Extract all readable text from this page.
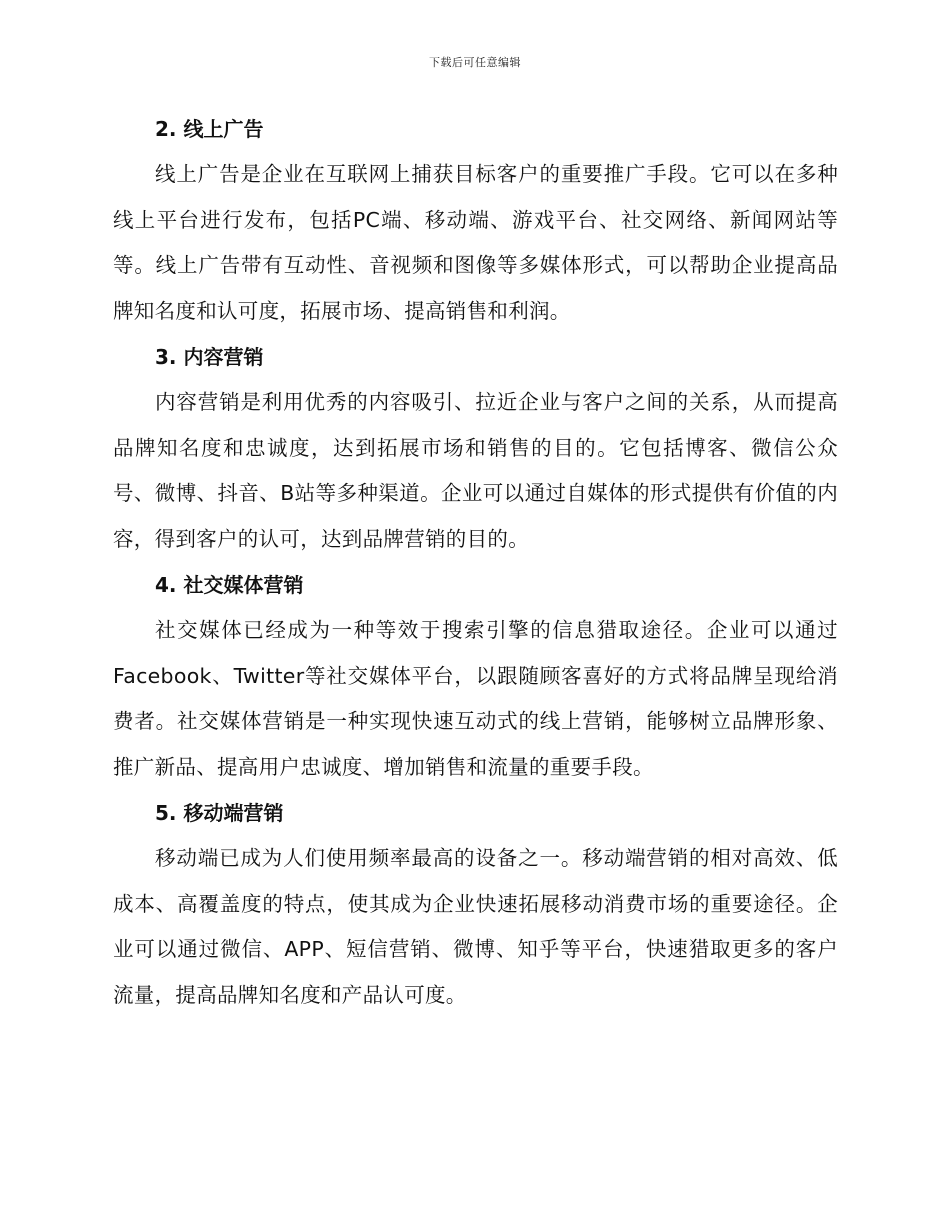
下载后可任意编辑
2. 线上广告

线上广告是企业在互联网上捕获目标客户的重要推广手段。它可以在多种线上平台进行发布，包括PC端、移动端、游戏平台、社交网络、新闻网站等等。线上广告带有互动性、音视频和图像等多媒体形式，可以帮助企业提高品牌知名度和认可度，拓展市场、提高销售和利润。

3. 内容营销

内容营销是利用优秀的内容吸引、拉近企业与客户之间的关系，从而提高品牌知名度和忠诚度，达到拓展市场和销售的目的。它包括博客、微信公众号、微博、抖音、B站等多种渠道。企业可以通过自媒体的形式提供有价值的内容，得到客户的认可，达到品牌营销的目的。

4. 社交媒体营销

社交媒体已经成为一种等效于搜索引擎的信息猎取途径。企业可以通过Facebook、Twitter等社交媒体平台，以跟随顾客喜好的方式将品牌呈现给消费者。社交媒体营销是一种实现快速互动式的线上营销，能够树立品牌形象、推广新品、提高用户忠诚度、增加销售和流量的重要手段。

5. 移动端营销

移动端已成为人们使用频率最高的设备之一。移动端营销的相对高效、低成本、高覆盖度的特点，使其成为企业快速拓展移动消费市场的重要途径。企业可以通过微信、APP、短信营销、微博、知乎等平台，快速猎取更多的客户流量，提高品牌知名度和产品认可度。
